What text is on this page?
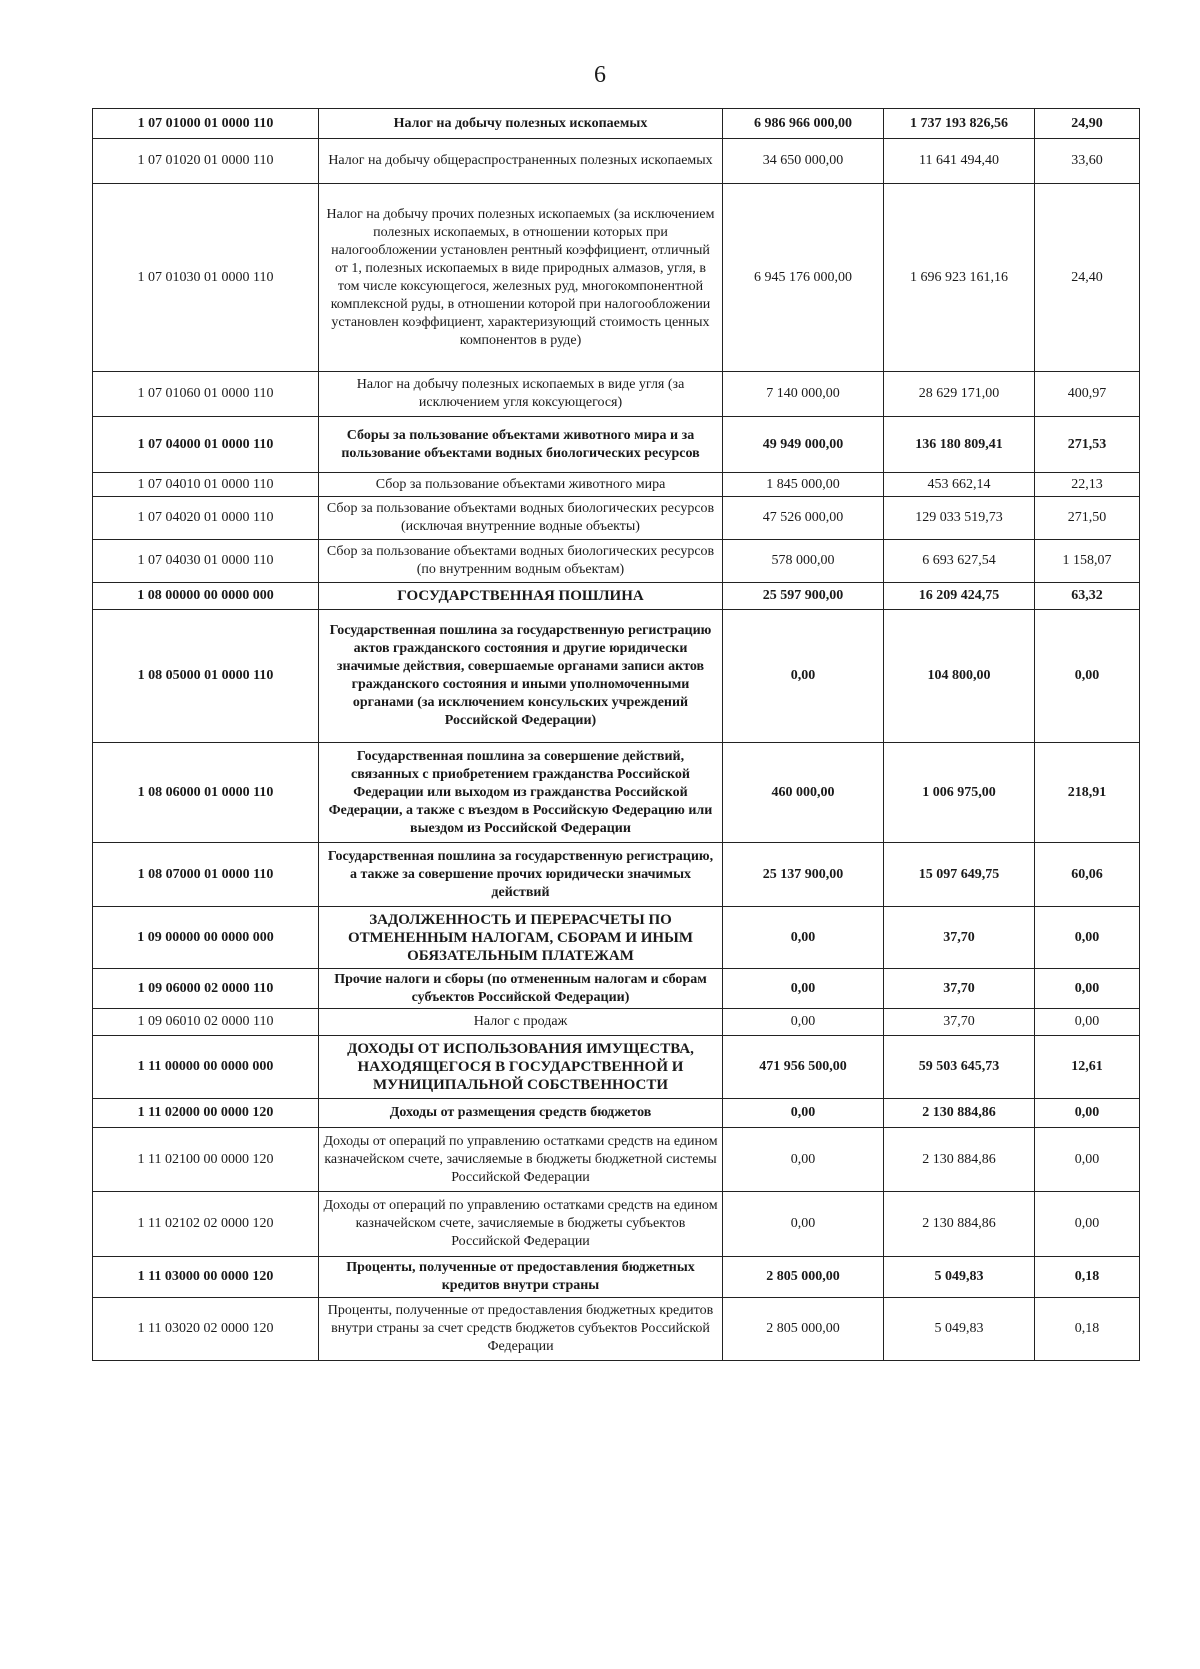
6
1 07 01000 01 0000 110	Налог на добычу полезных ископаемых	6 986 966 000,00	1 737 193 826,56	24,90
1 07 01020 01 0000 110	Налог на добычу общераспространенных полезных ископаемых	34 650 000,00	11 641 494,40	33,60
1 07 01030 01 0000 110	Налог на добычу прочих полезных ископаемых (за исключением полезных ископаемых, в отношении которых при налогообложении установлен рентный коэффициент, отличный от 1, полезных ископаемых в виде природных алмазов, угля, в том числе коксующегося, железных руд, многокомпонентной комплексной руды, в отношении которой при налогообложении установлен коэффициент, характеризующий стоимость ценных компонентов в руде)	6 945 176 000,00	1 696 923 161,16	24,40
1 07 01060 01 0000 110	Налог на добычу полезных ископаемых в виде угля (за исключением угля коксующегося)	7 140 000,00	28 629 171,00	400,97
1 07 04000 01 0000 110	Сборы за пользование объектами животного мира и за пользование объектами водных биологических ресурсов	49 949 000,00	136 180 809,41	271,53
1 07 04010 01 0000 110	Сбор за пользование объектами животного мира	1 845 000,00	453 662,14	22,13
1 07 04020 01 0000 110	Сбор за пользование объектами водных биологических ресурсов (исключая внутренние водные объекты)	47 526 000,00	129 033 519,73	271,50
1 07 04030 01 0000 110	Сбор за пользование объектами водных биологических ресурсов (по внутренним водным объектам)	578 000,00	6 693 627,54	1 158,07
1 08 00000 00 0000 000	ГОСУДАРСТВЕННАЯ ПОШЛИНА	25 597 900,00	16 209 424,75	63,32
1 08 05000 01 0000 110	Государственная пошлина за государственную регистрацию актов гражданского состояния и другие юридически значимые действия, совершаемые органами записи актов гражданского состояния и иными уполномоченными органами (за исключением консульских учреждений Российской Федерации)	0,00	104 800,00	0,00
1 08 06000 01 0000 110	Государственная пошлина за совершение действий, связанных с приобретением гражданства Российской Федерации или выходом из гражданства Российской Федерации, а также с въездом в Российскую Федерацию или выездом из Российской Федерации	460 000,00	1 006 975,00	218,91
1 08 07000 01 0000 110	Государственная пошлина за государственную регистрацию, а также за совершение прочих юридически значимых действий	25 137 900,00	15 097 649,75	60,06
1 09 00000 00 0000 000	ЗАДОЛЖЕННОСТЬ И ПЕРЕРАСЧЕТЫ ПО ОТМЕНЕННЫМ НАЛОГАМ, СБОРАМ И ИНЫМ ОБЯЗАТЕЛЬНЫМ ПЛАТЕЖАМ	0,00	37,70	0,00
1 09 06000 02 0000 110	Прочие налоги и сборы (по отмененным налогам и сборам субъектов Российской Федерации)	0,00	37,70	0,00
1 09 06010 02 0000 110	Налог с продаж	0,00	37,70	0,00
1 11 00000 00 0000 000	ДОХОДЫ ОТ ИСПОЛЬЗОВАНИЯ ИМУЩЕСТВА, НАХОДЯЩЕГОСЯ В ГОСУДАРСТВЕННОЙ И МУНИЦИПАЛЬНОЙ СОБСТВЕННОСТИ	471 956 500,00	59 503 645,73	12,61
1 11 02000 00 0000 120	Доходы от размещения средств бюджетов	0,00	2 130 884,86	0,00
1 11 02100 00 0000 120	Доходы от операций по управлению остатками средств на едином казначейском счете, зачисляемые в бюджеты бюджетной системы Российской Федерации	0,00	2 130 884,86	0,00
1 11 02102 02 0000 120	Доходы от операций по управлению остатками средств на едином казначейском счете, зачисляемые в бюджеты субъектов Российской Федерации	0,00	2 130 884,86	0,00
1 11 03000 00 0000 120	Проценты, полученные от предоставления бюджетных кредитов внутри страны	2 805 000,00	5 049,83	0,18
1 11 03020 02 0000 120	Проценты, полученные от предоставления бюджетных кредитов внутри страны за счет средств бюджетов субъектов Российской Федерации	2 805 000,00	5 049,83	0,18
